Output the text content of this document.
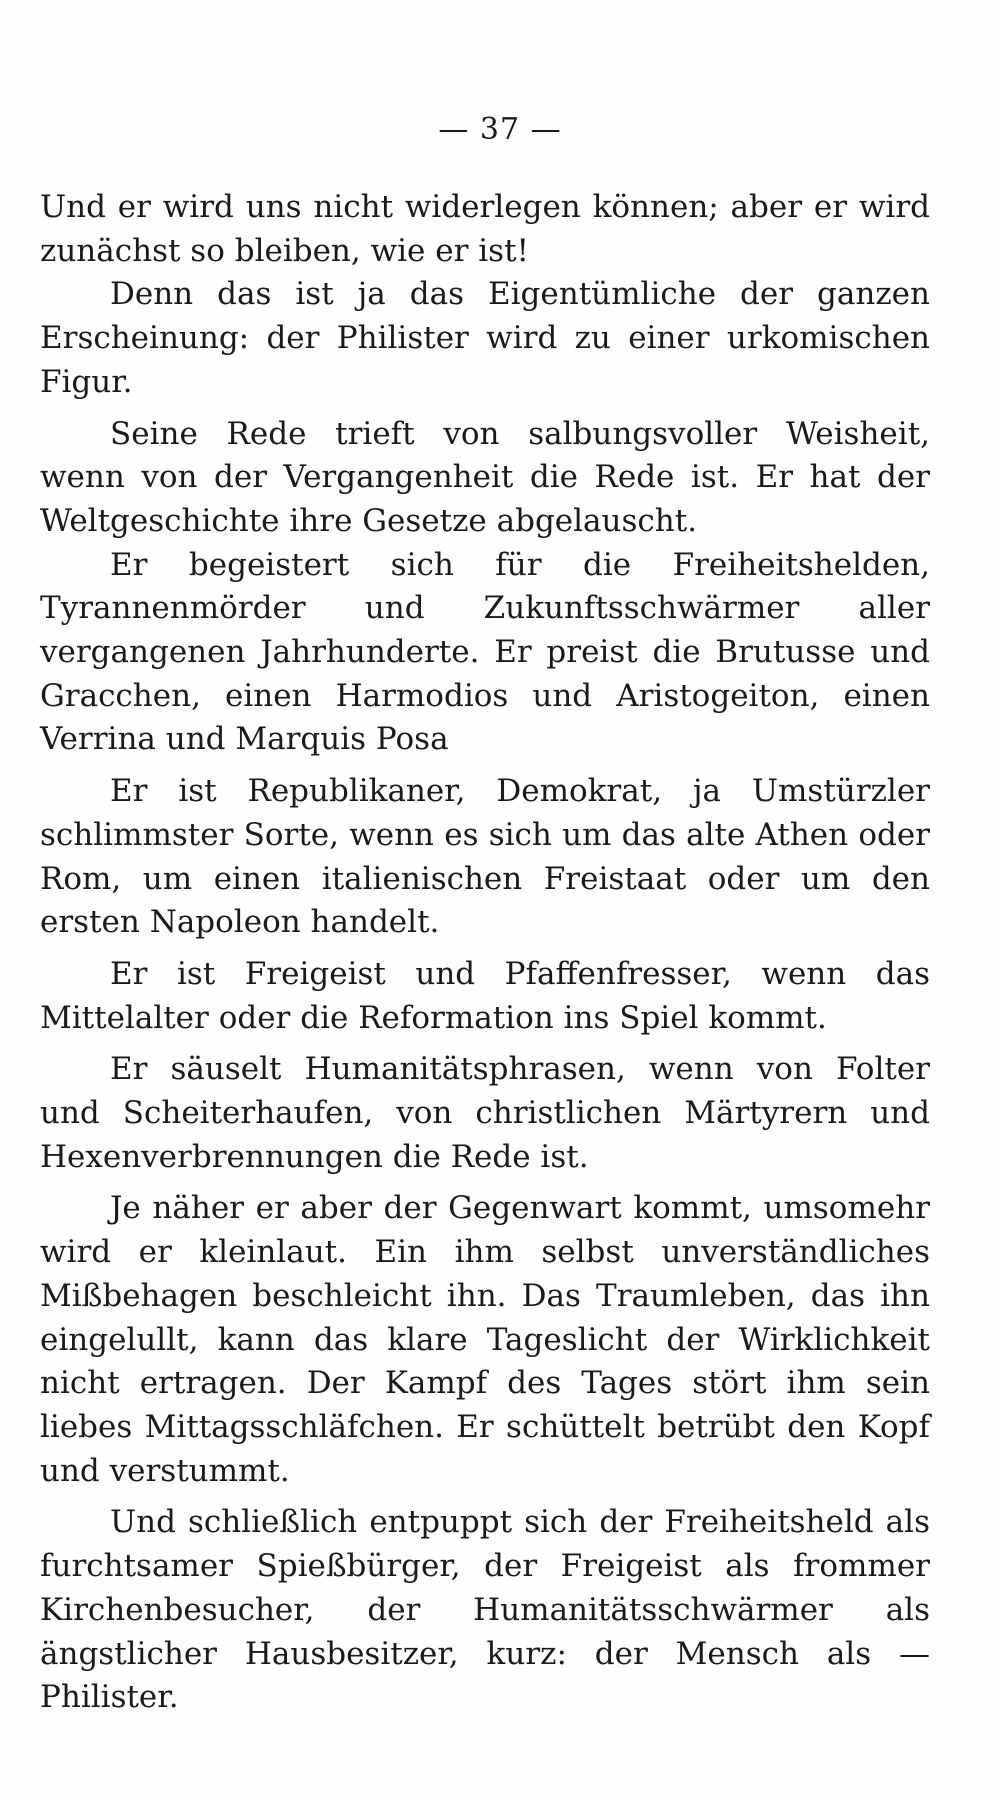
— 37 —

Und er wird uns nicht widerlegen können; aber er wird zunächst so bleiben, wie er ist!

Denn das ist ja das Eigentümliche der ganzen Erscheinung: der Philister wird zu einer urkomischen Figur.

Seine Rede trieft von salbungsvoller Weisheit, wenn von der Vergangenheit die Rede ist. Er hat der Weltgeschichte ihre Gesetze abgelauscht.

Er begeistert sich für die Freiheitshelden, Tyrannenmörder und Zukunftsschwärmer aller vergangenen Jahrhunderte. Er preist die Brutusse und Gracchen, einen Harmodios und Aristogeiton, einen Verrina und Marquis Posa

Er ist Republikaner, Demokrat, ja Umstürzler schlimmster Sorte, wenn es sich um das alte Athen oder Rom, um einen italienischen Freistaat oder um den ersten Napoleon handelt.

Er ist Freigeist und Pfaffenfresser, wenn das Mittelalter oder die Reformation ins Spiel kommt.

Er säuselt Humanitätsphrasen, wenn von Folter und Scheiterhaufen, von christlichen Märtyrern und Hexenverbrennungen die Rede ist.

Je näher er aber der Gegenwart kommt, umsomehr wird er kleinlaut. Ein ihm selbst unverständliches Mißbehagen beschleicht ihn. Das Traumleben, das ihn eingelullt, kann das klare Tageslicht der Wirklichkeit nicht ertragen. Der Kampf des Tages stört ihm sein liebes Mittagsschläfchen. Er schüttelt betrübt den Kopf und verstummt.

Und schließlich entpuppt sich der Freiheitsheld als furchtsamer Spießbürger, der Freigeist als frommer Kirchenbesucher, der Humanitätsschwärmer als ängstlicher Hausbesitzer, kurz: der Mensch als — Philister.
